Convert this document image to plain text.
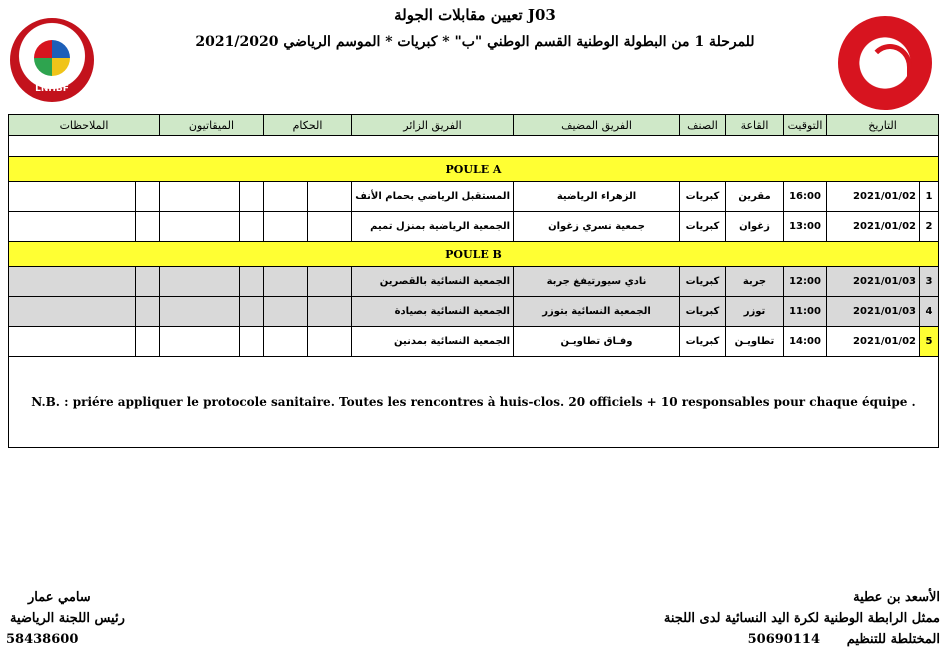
تعيين مقابلات الجولة J03
للمرحلة 1 من البطولة الوطنية القسم الوطني "ب" * كبريات * الموسم الرياضي 2021/2020
LNHBF
الملاحظات		الميقاتيون		الحكام		الفريق الزائر	الفريق المضيف	الصنف	القاعة	التوقيت	التاريخ	

POULE A												
						المستقبل الرياضي بحمام الأنف	الزهراء الرياضية	كبريات	مقرين	16:00	2021/01/02	1
						الجمعية الرياضية بمنزل تميم	جمعية نسري زغوان	كبريات	زغوان	13:00	2021/01/02	2
POULE B												
						الجمعية النسائية بالقصرين	نادي سيورتيفغ جربة	كبريات	جربة	12:00	2021/01/03	3
						الجمعية النسائية بصيادة	الجمعية النسائية بتوزر	كبريات	توزر	11:00	2021/01/03	4
						الجمعية النسائية بمدنين	وفـاق تطاويـن	كبريات	تطاويـن	14:00	2021/01/02	5
N.B. : priére appliquer le protocole sanitaire. Toutes les rencontres à huis-clos. 20 officiels + 10 responsables pour chaque équipe .												
الأسعد بن عطية
ممثل الرابطة الوطنية لكرة اليد النسائية لدى اللجنة
المختلطة للتنظيم
50690114
سامي عمار
رئيس اللجنة الرياضية
58438600
